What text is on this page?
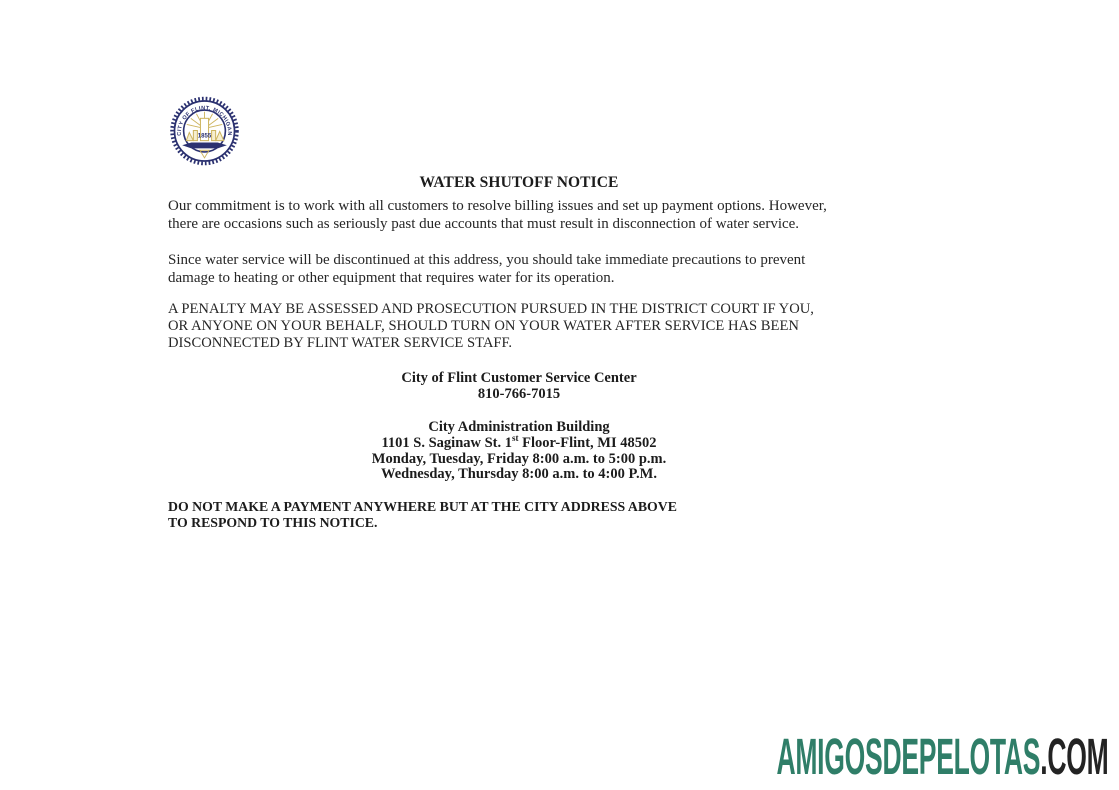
CITY OF FLINT, MICHIGAN
1855
WATER SHUTOFF NOTICE
Our commitment is to work with all customers to resolve billing issues and set up payment options. However,
there are occasions such as seriously past due accounts that must result in disconnection of water service.
Since water service will be discontinued at this address, you should take immediate precautions to prevent
damage to heating or other equipment that requires water for its operation.
A PENALTY MAY BE ASSESSED AND PROSECUTION PURSUED IN THE DISTRICT COURT IF YOU,
OR ANYONE ON YOUR BEHALF, SHOULD TURN ON YOUR WATER AFTER SERVICE HAS BEEN
DISCONNECTED BY FLINT WATER SERVICE STAFF.
City of Flint Customer Service Center
810-766-7015
City Administration Building
1101 S. Saginaw St. 1st Floor-Flint, MI 48502
Monday, Tuesday, Friday 8:00 a.m. to 5:00 p.m.
Wednesday, Thursday 8:00 a.m. to 4:00 P.M.
DO NOT MAKE A PAYMENT ANYWHERE BUT AT THE CITY ADDRESS ABOVE
TO RESPOND TO THIS NOTICE.
AMIGOSDEPELOTAS.COM
